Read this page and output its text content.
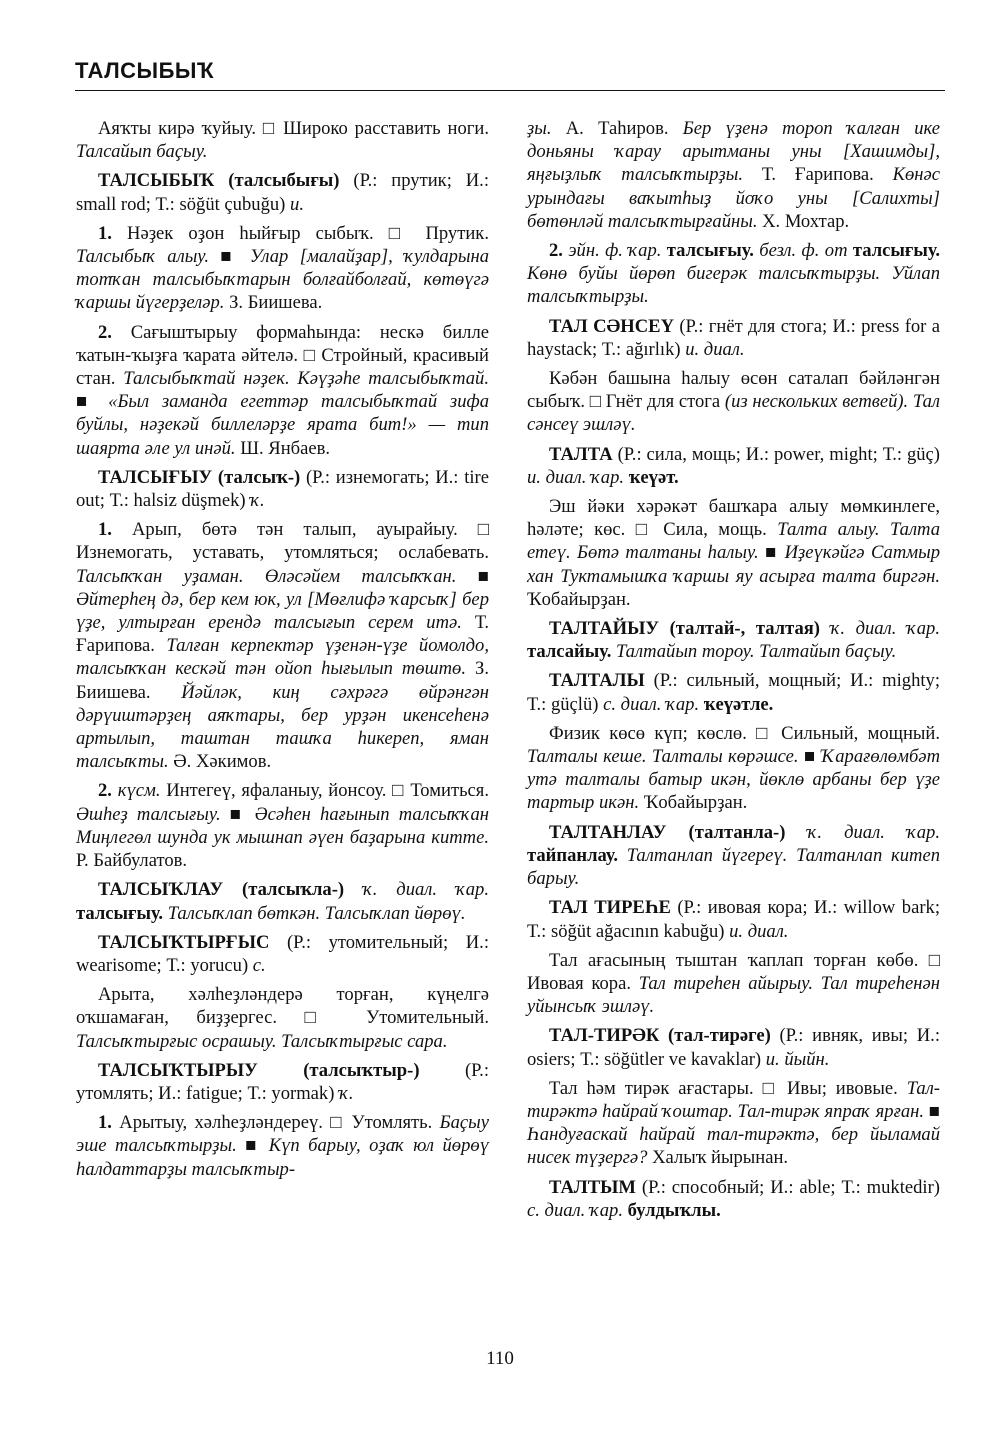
ТАЛСЫБЫҠ

Аяҡты кирә ҡуйыу. □ Широко расставить ноги. Талсайып баҫыу.

ТАЛСЫБЫҠ (талсыбығы) (Р.: прутик; И.: small rod; Т.: söğüt çubuğu) и.

1. Нәҙек оҙон һыйғыр сыбыҡ. □ Прутик. Талсыбыҡ алыу. ■ Улар [малайҙар], ҡулдарына тотҡан талсыбыҡтарын болғайболғай, көтөүгә ҡаршы йүгерҙеләр. З. Биишева.

2. Сағыштырыу формаһында: нескә билле ҡатын-ҡыҙға ҡарата әйтелә. □ Стройный, красивый стан. Талсыбыҡтай нәҙек. Кәүҙәһе талсыбыҡтай. ■ «Был заманда егеттәр талсыбыҡтай зифа буйлы, нәҙекәй биллеләрҙе ярата бит!» — тип шаярта әле ул инәй. Ш. Янбаев.

ТАЛСЫҒЫУ (талсыҡ-) (Р.: изнемогать; И.: tire out; Т.: halsiz düşmek) ҡ.

1. Арып, бөтә тән талып, ауырайыу. □ Изнемогать, уставать, утомляться; ослабевать. Талсыҡҡан уҙаман. Өләсәйем талсыҡҡан. ■ Әйтерһең дә, бер кем юк, ул [Мөғлифә ҡарсыҡ] бер үҙе, ултырған ерендә талсығып серем итә. Т. Ғарипова. Талған керпектәр үҙенән-үҙе йомолдо, талсыҡҡан кескәй тән ойоп һығылып төштө. З. Биишева. Йәйләк, киң сәхрәгә өйрәнгән дәрүиштәрҙең аяҡтары, бер урҙән икенсеһенә артылып, таштан ташҡа һикереп, яман талсыҡты. Ә. Хәкимов.

2. күсм. Интегеү, яфаланыу, йонсоу. □ Томиться. Әшһеҙ талсығыу. ■ Әсәһен һағынып талсыҡҡан Миңлегөл шунда ук мышнап әүен баҙарына китте. Р. Байбулатов.

ТАЛСЫҠЛАУ (талсыҡла-) ҡ. диал. ҡар. талсығыу. Талсыҡлап бөткән. Талсыҡлап йөрөү.

ТАЛСЫҠТЫРҒЫС (Р.: утомительный; И.: wearisome; Т.: yorucu) с.

Арыта, хәлһеҙләндерә торған, күңелгә оҡшамаған, биҙҙергес. □ Утомительный. Талсыҡтырғыс осрашыу. Талсыҡтырғыс сара.

ТАЛСЫҠТЫРЫУ (талсыҡтыр-) (Р.: утомлять; И.: fatigue; Т.: yormak) ҡ.

1. Арытыу, хәлһеҙләндереү. □ Утомлять. Баҫыу эше талсыҡтырҙы. ■ Күп барыу, оҙаҡ юл йөрөү һалдаттарҙы талсыҡтыр-

ҙы. А. Таһиров. Бер үҙенә тороп ҡалған ике доньяны ҡарау арытманы уны [Хашимды], яңғыҙлыҡ талсыҡтырҙы. Т. Ғарипова. Көнәс урындағы ваҡытһыҙ йоҡо уны [Салихты] бөтөнләй талсыҡтырғайны. Х. Мохтар.

2. эйн. ф. ҡар. талсығыу. безл. ф. от талсығыу. Көнө буйы йөрөп бигерәк талсыҡтырҙы. Уйлап талсыҡтырҙы.

ТАЛ СӘНСЕҮ (Р.: гнёт для стога; И.: press for a haystack; Т.: ağırlık) и. диал.

Кәбән башына һалыу өсөн саталап бәйләнгән сыбыҡ. □ Гнёт для стога (из нескольких ветвей). Тал сәнсеү эшләү.

ТАЛТА (Р.: сила, мощь; И.: power, might; Т.: güç) и. диал. ҡар. ҡеүәт.

Эш йәки хәрәкәт башҡара алыу мөмкинлеге, һәләте; көс. □ Сила, мощь. Талта алыу. Талта етеү. Бөтә талтаны һалыу. ■ Иҙеүкәйгә Сатмыр хан Туктамышҡа ҡаршы яу асырға талта биргән. Ҡобайырҙан.

ТАЛТАЙЫУ (талтай-, талтая) ҡ. диал. ҡар. талсайыу. Талтайып тороу. Талтайып баҫыу.

ТАЛТАЛЫ (Р.: сильный, мощный; И.: mighty; Т.: güçlü) с. диал. ҡар. ҡеүәтле.

Физик көсө күп; көслө. □ Сильный, мощный. Талталы кеше. Талталы көрәшсе. ■ Ҡарағөлөмбәт утә талталы батыр икән, йөклө арбаны бер үҙе тартыр икән. Ҡобайырҙан.

ТАЛТАНЛАУ (талтанла-) ҡ. диал. ҡар. тайпанлау. Талтанлап йүгереү. Талтанлап китеп барыу.

ТАЛ ТИРЕҺЕ (Р.: ивовая кора; И.: willow bark; Т.: söğüt ağacının kabuğu) и. диал.

Тал ағасының тыштан ҡаплап торған көбө. □ Ивовая кора. Тал тиреһен айырыу. Тал тиреһенән уйынсыҡ эшләү.

ТАЛ-ТИРӘК (тал-тирәге) (Р.: ивняк, ивы; И.: osiers; Т.: söğütler ve kavaklar) и. йыйн.

Тал һәм тирәк ағастары. □ Ивы; ивовые. Тал-тирәктә һайрай ҡоштар. Тал-тирәк япраҡ ярған. ■ Һандуғаскай һайрай тал-тирәктә, бер йыламай нисек түҙергә? Халыҡ йырынан.

ТАЛТЫМ (Р.: способный; И.: able; Т.: muktedir) с. диал. ҡар. булдыҡлы.

110
